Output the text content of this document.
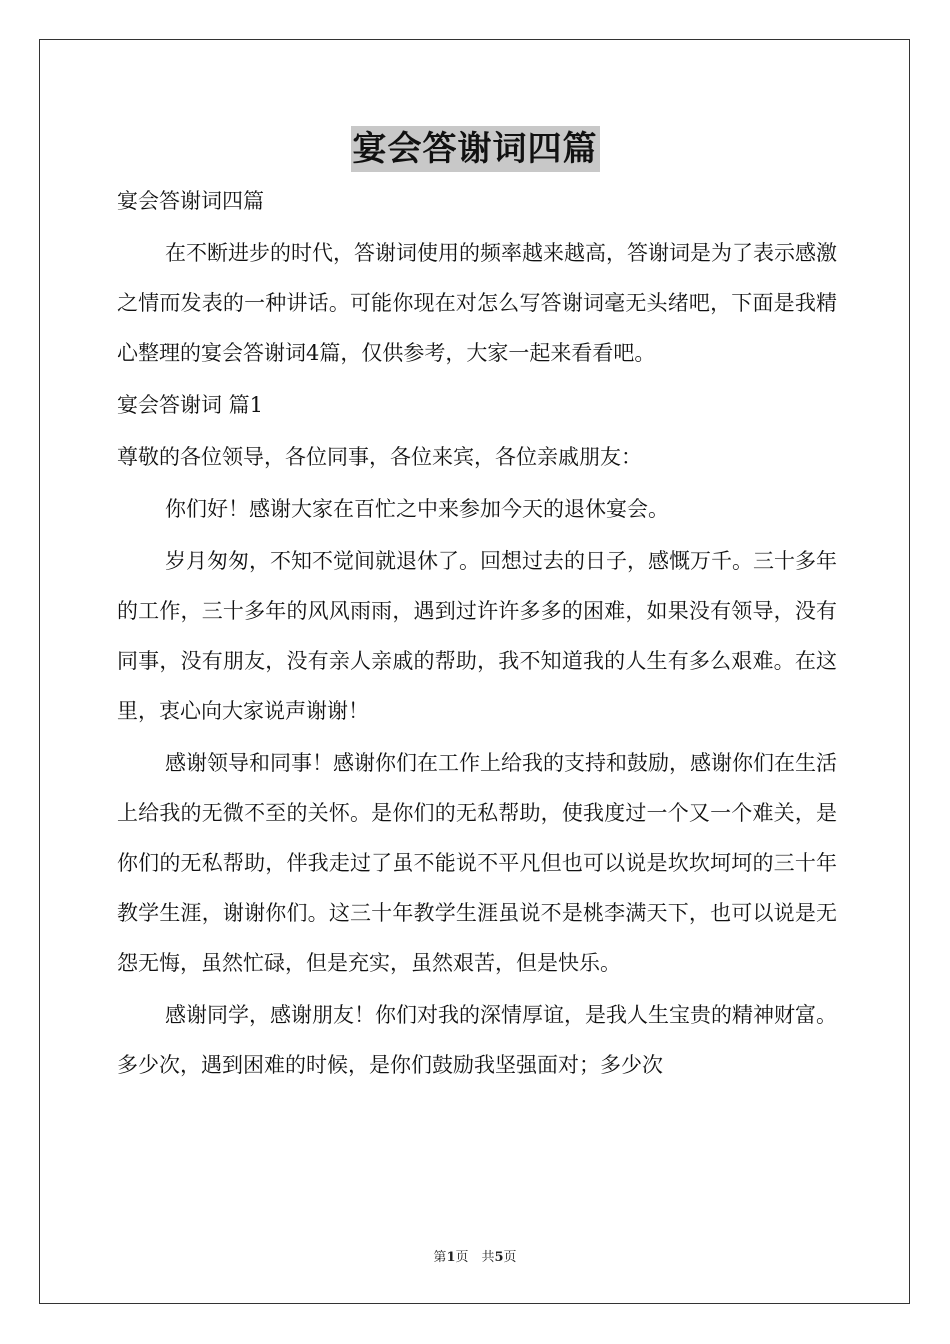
宴会答谢词四篇

宴会答谢词四篇

在不断进步的时代，答谢词使用的频率越来越高，答谢词是为了表示感激之情而发表的一种讲话。可能你现在对怎么写答谢词毫无头绪吧，下面是我精心整理的宴会答谢词4篇，仅供参考，大家一起来看看吧。

宴会答谢词 篇1

尊敬的各位领导，各位同事，各位来宾，各位亲戚朋友：

你们好！感谢大家在百忙之中来参加今天的退休宴会。

岁月匆匆，不知不觉间就退休了。回想过去的日子，感慨万千。三十多年的工作，三十多年的风风雨雨，遇到过许许多多的困难，如果没有领导，没有同事，没有朋友，没有亲人亲戚的帮助，我不知道我的人生有多么艰难。在这里，衷心向大家说声谢谢！

感谢领导和同事！感谢你们在工作上给我的支持和鼓励，感谢你们在生活上给我的无微不至的关怀。是你们的无私帮助，使我度过一个又一个难关，是你们的无私帮助，伴我走过了虽不能说不平凡但也可以说是坎坎坷坷的三十年教学生涯，谢谢你们。这三十年教学生涯虽说不是桃李满天下，也可以说是无怨无悔，虽然忙碌，但是充实，虽然艰苦，但是快乐。

感谢同学，感谢朋友！你们对我的深情厚谊，是我人生宝贵的精神财富。多少次，遇到困难的时候，是你们鼓励我坚强面对；多少次

第1页　共5页
